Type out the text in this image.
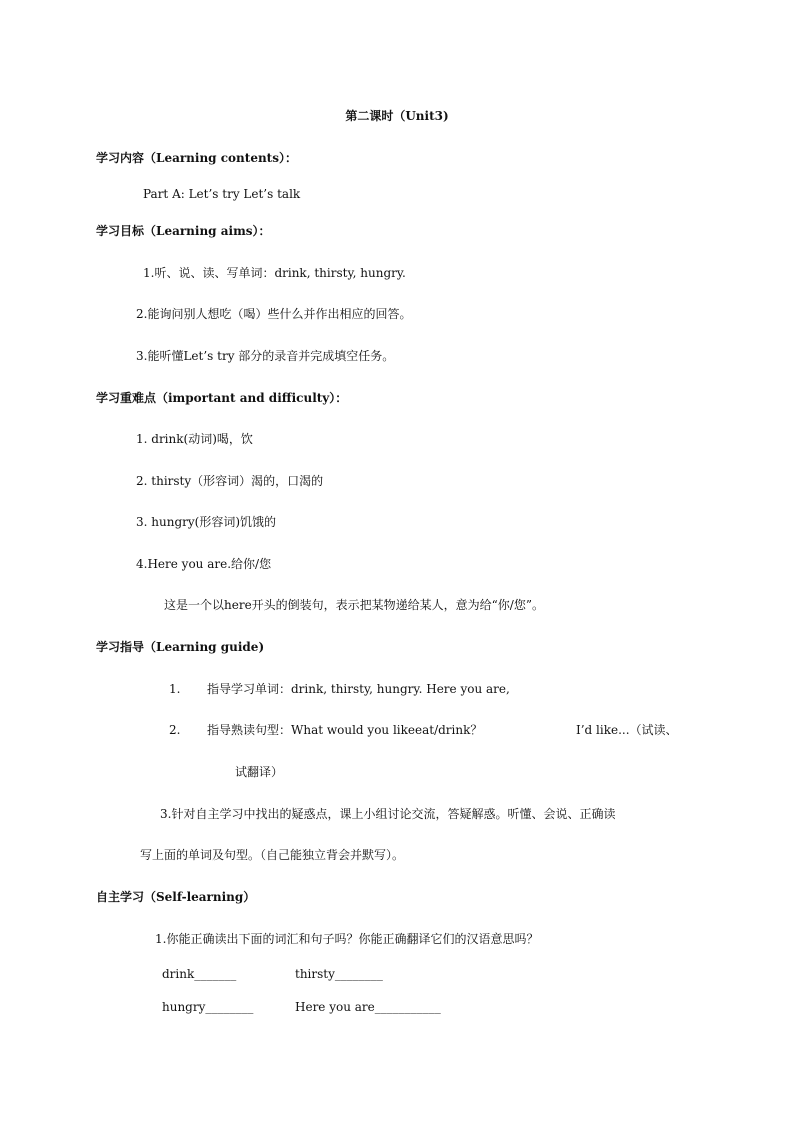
第二课时（Unit3)
学习内容（Learning contents）：
Part A: Let’s try Let’s talk
学习目标（Learning aims）：
1.听、说、读、写单词：drink, thirsty, hungry.
2.能询问别人想吃（喝）些什么并作出相应的回答。
3.能听懂Let’s try 部分的录音并完成填空任务。
学习重难点（important and difficulty）：
1. drink(动词)喝，饮
2. thirsty（形容词）渴的，口渴的
3. hungry(形容词)饥饿的
4.Here you are.给你/您
这是一个以here开头的倒装句，表示把某物递给某人，意为给“你/您”。
学习指导（Learning guide)
1. 指导学习单词：drink, thirsty, hungry. Here you are,
2. 指导熟读句型：What would you likeeat/drink？	I’d like...（试读、
试翻译）
3.针对自主学习中找出的疑惑点，课上小组讨论交流，答疑解惑。听懂、会说、正确读
写上面的单词及句型。（自己能独立背会并默写）。
自主学习（Self-learning）
1.你能正确读出下面的词汇和句子吗？你能正确翻译它们的汉语意思吗？
drink_______	thirsty________
hungry________	Here you are___________
